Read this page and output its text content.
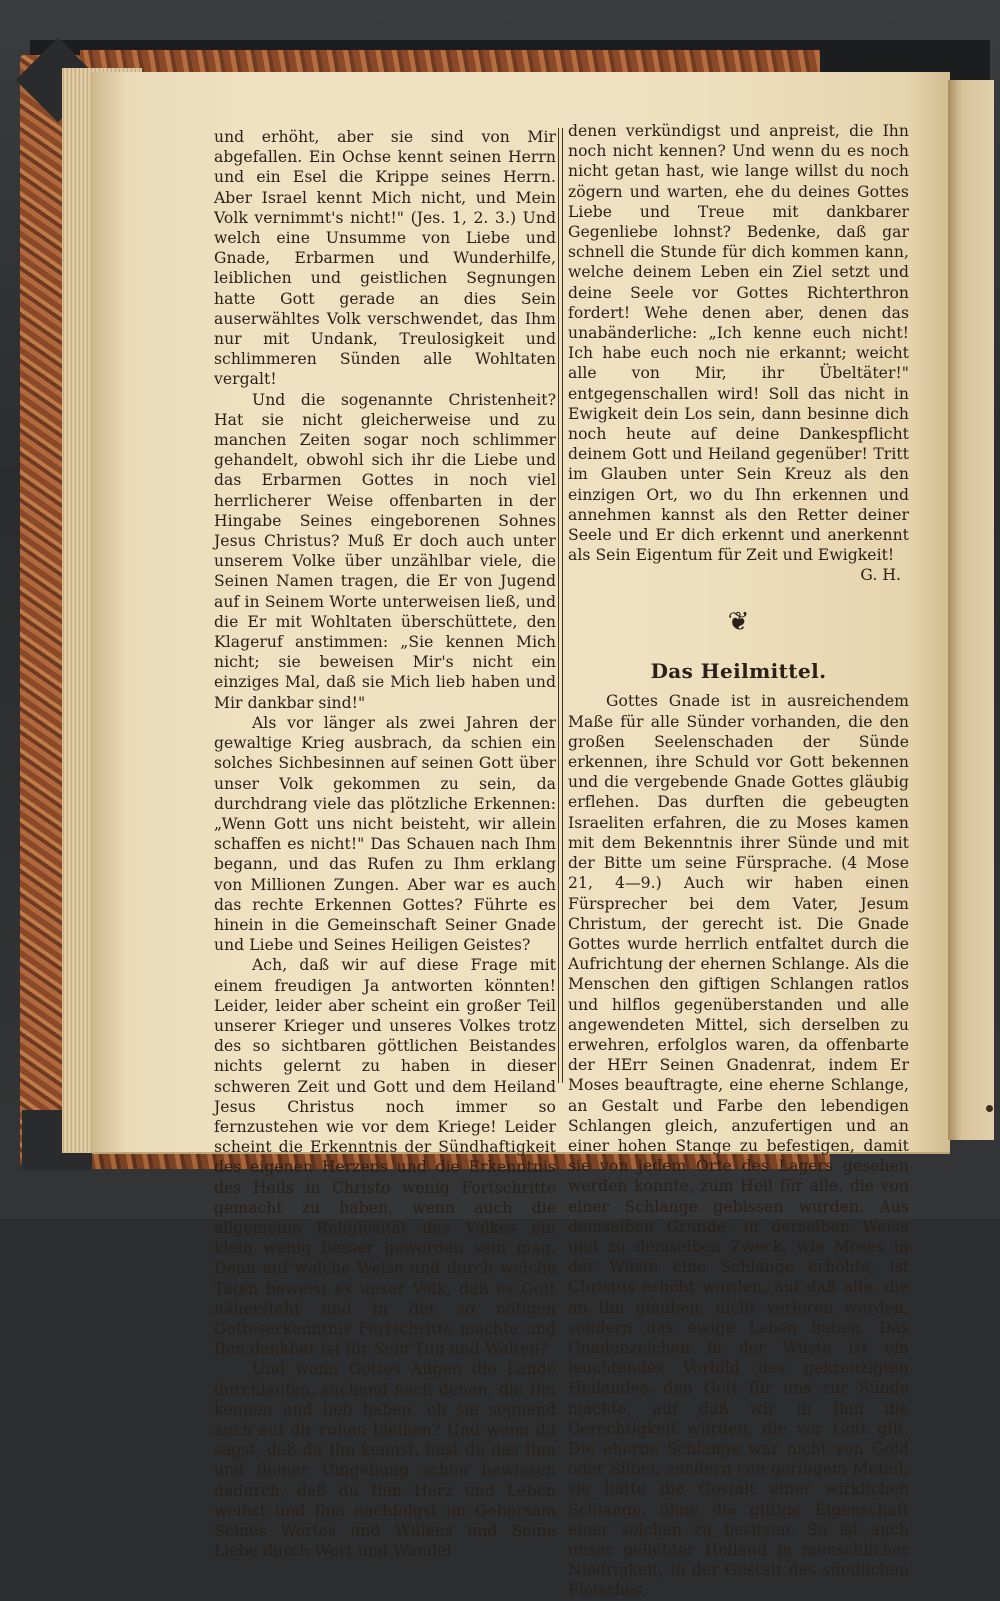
und erhöht, aber sie sind von Mir abgefallen. Ein Ochse kennt seinen Herrn und ein Esel die Krippe seines Herrn. Aber Israel kennt Mich nicht, und Mein Volk vernimmt's nicht!" (Jes. 1, 2. 3.) Und welch eine Unsumme von Liebe und Gnade, Erbarmen und Wunderhilfe, leiblichen und geistlichen Segnungen hatte Gott gerade an dies Sein auserwähltes Volk verschwendet, das Ihm nur mit Undank, Treulosigkeit und schlimmeren Sünden alle Wohltaten vergalt!

Und die sogenannte Christenheit? Hat sie nicht gleicherweise und zu manchen Zeiten sogar noch schlimmer gehandelt, obwohl sich ihr die Liebe und das Erbarmen Gottes in noch viel herrlicherer Weise offenbarten in der Hingabe Seines eingeborenen Sohnes Jesus Christus? Muß Er doch auch unter unserem Volke über unzählbar viele, die Seinen Namen tragen, die Er von Jugend auf in Seinem Worte unterweisen ließ, und die Er mit Wohltaten überschüttete, den Klageruf anstimmen: „Sie kennen Mich nicht; sie beweisen Mir's nicht ein einziges Mal, daß sie Mich lieb haben und Mir dankbar sind!"

Als vor länger als zwei Jahren der gewaltige Krieg ausbrach, da schien ein solches Sichbesinnen auf seinen Gott über unser Volk gekommen zu sein, da durchdrang viele das plötzliche Erkennen: „Wenn Gott uns nicht beisteht, wir allein schaffen es nicht!" Das Schauen nach Ihm begann, und das Rufen zu Ihm erklang von Millionen Zungen. Aber war es auch das rechte Erkennen Gottes? Führte es hinein in die Gemeinschaft Seiner Gnade und Liebe und Seines Heiligen Geistes?

Ach, daß wir auf diese Frage mit einem freudigen Ja antworten könnten! Leider, leider aber scheint ein großer Teil unserer Krieger und unseres Volkes trotz des so sichtbaren göttlichen Beistandes nichts gelernt zu haben in dieser schweren Zeit und Gott und dem Heiland Jesus Christus noch immer so fernzustehen wie vor dem Kriege! Leider scheint die Erkenntnis der Sündhaftigkeit des eigenen Herzens und die Erkenntnis des Heils in Christo wenig Fortschritte gemacht zu haben, wenn auch die allgemeine Religiösität des Volkes ein klein wenig besser geworden sein mag. Denn auf welche Weise und durch welche Taten beweist es unser Volk, daß es Gott nähersteht und in der so nötigen Gotteserkenntnis Fortschritte machte und Ihm dankbar ist für Sein Tun und Walten?

Und wenn Gottes Augen die Lande durchlaufen, suchend nach denen, die Ihn kennen und lieb haben, ob sie segnend auch auf dir ruhen bleiben? Und wenn du sagst, daß du Ihn kennst, hast du das Ihm und deiner Umgebung schon bewiesen dadurch, daß du Ihm Herz und Leben weihst und Ihm nachfolgst im Gehorsam Seines Wortes und Willens und Seine Liebe durch Wort und Wandel

denen verkündigst und anpreist, die Ihn noch nicht kennen? Und wenn du es noch nicht getan hast, wie lange willst du noch zögern und warten, ehe du deines Gottes Liebe und Treue mit dankbarer Gegenliebe lohnst? Bedenke, daß gar schnell die Stunde für dich kommen kann, welche deinem Leben ein Ziel setzt und deine Seele vor Gottes Richterthron fordert! Wehe denen aber, denen das unabänderliche: „Ich kenne euch nicht! Ich habe euch noch nie erkannt; weicht alle von Mir, ihr Übeltäter!" entgegenschallen wird! Soll das nicht in Ewigkeit dein Los sein, dann besinne dich noch heute auf deine Dankespflicht deinem Gott und Heiland gegenüber! Tritt im Glauben unter Sein Kreuz als den einzigen Ort, wo du Ihn erkennen und annehmen kannst als den Retter deiner Seele und Er dich erkennt und anerkennt als Sein Eigentum für Zeit und Ewigkeit!
G. H.

❦
Das Heilmittel.

Gottes Gnade ist in ausreichendem Maße für alle Sünder vorhanden, die den großen Seelenschaden der Sünde erkennen, ihre Schuld vor Gott bekennen und die vergebende Gnade Gottes gläubig erflehen. Das durften die gebeugten Israeliten erfahren, die zu Moses kamen mit dem Bekenntnis ihrer Sünde und mit der Bitte um seine Fürsprache. (4 Mose 21, 4—9.) Auch wir haben einen Fürsprecher bei dem Vater, Jesum Christum, der gerecht ist. Die Gnade Gottes wurde herrlich entfaltet durch die Aufrichtung der ehernen Schlange. Als die Menschen den giftigen Schlangen ratlos und hilflos gegenüberstanden und alle angewendeten Mittel, sich derselben zu erwehren, erfolglos waren, da offenbarte der HErr Seinen Gnadenrat, indem Er Moses beauftragte, eine eherne Schlange, an Gestalt und Farbe den lebendigen Schlangen gleich, anzufertigen und an einer hohen Stange zu befestigen, damit sie von jedem Orte des Lagers gesehen werden konnte, zum Heil für alle, die von einer Schlange gebissen wurden. Aus demselben Grunde, in derselben Weise und zu demselben Zweck, wie Moses in der Wüste eine Schlange erhöhte, ist Christus erhöht worden, auf daß alle, die an Ihn glauben, nicht verloren werden, sondern das ewige Leben haben. Das Gnadenzeichen in der Wüste ist ein leuchtendes Vorbild des gekreuzigten Heilandes, den Gott für uns zur Sünde machte, auf daß wir in Ihm die Gerechtigkeit würden, die vor Gott gilt. Die eherne Schlange war nicht von Gold oder Silber, sondern von geringem Metall; sie hatte die Gestalt einer wirklichen Schlange, ohne die giftige Eigenschaft einer solchen zu besitzen. So ist auch unser geliebter Heiland in menschlicher Niedrigkeit, in der Gestalt des sündlichen Fleisches,
